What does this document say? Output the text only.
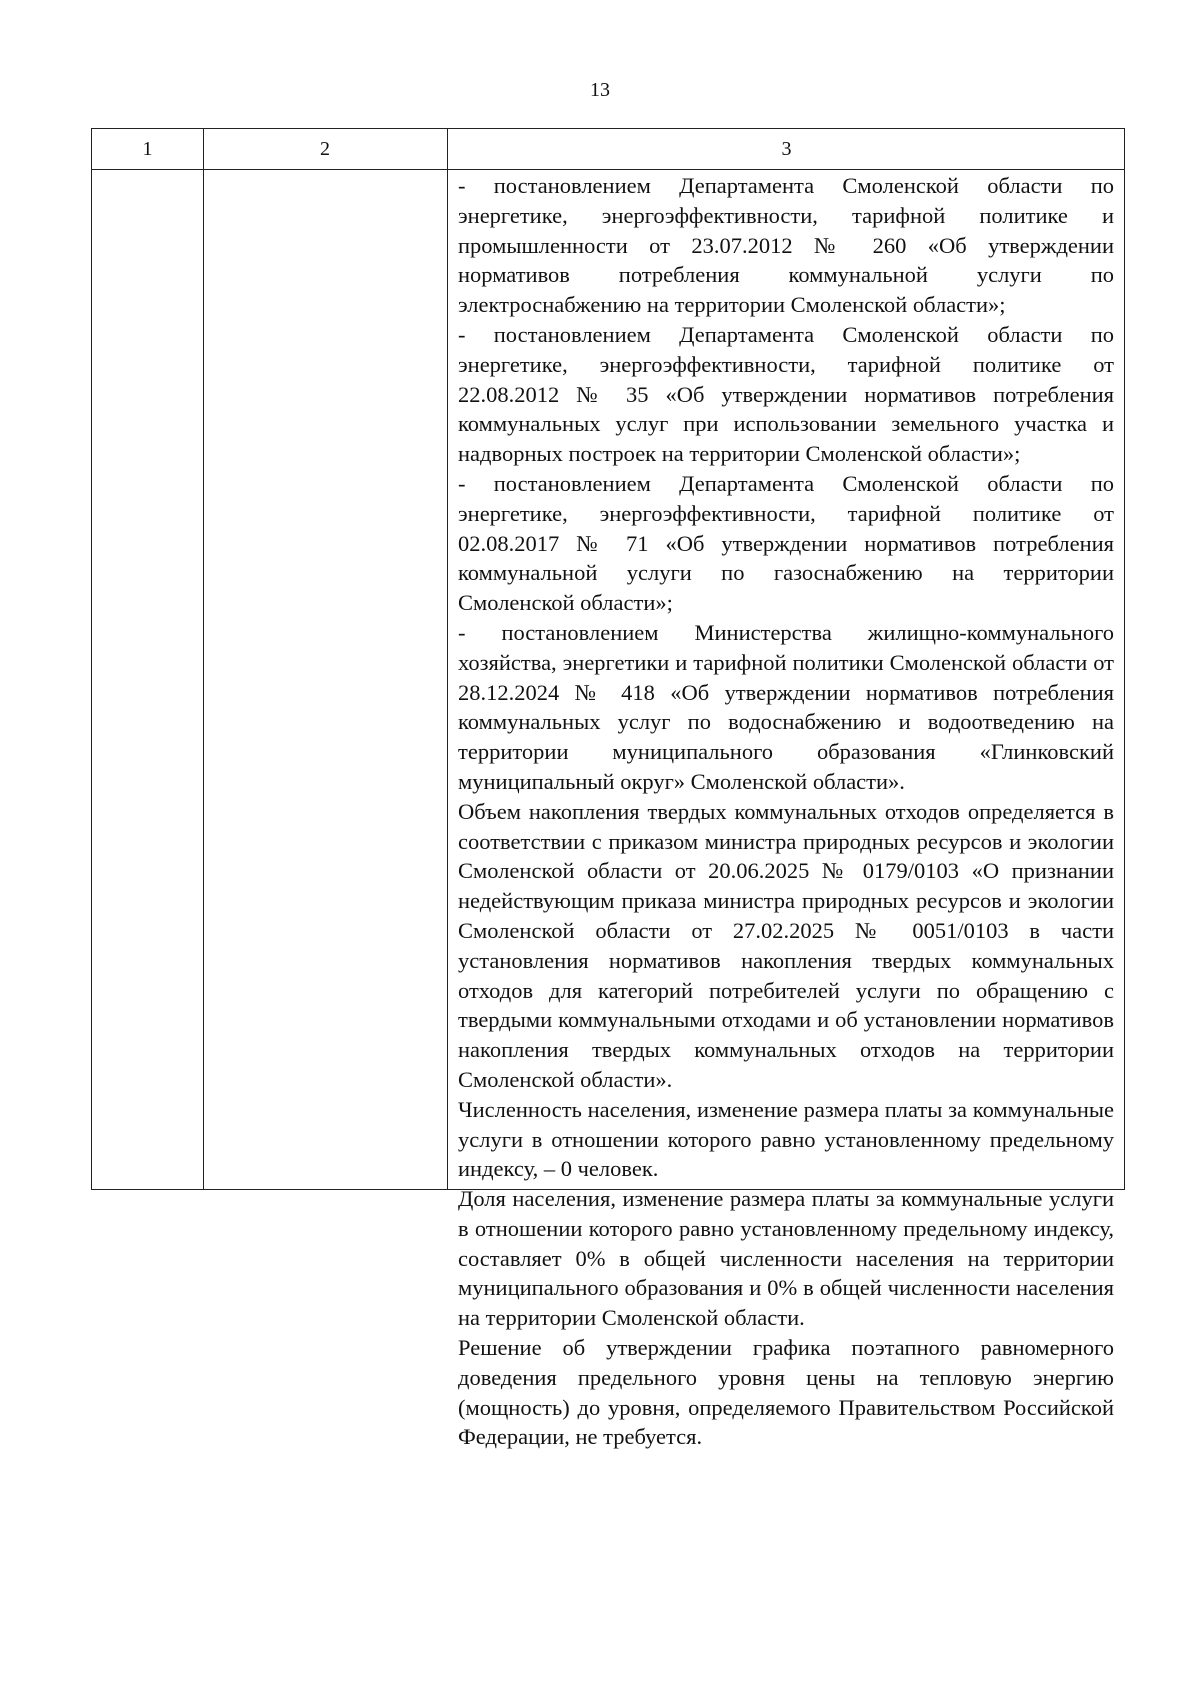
13
1	2	3

- постановлением Департамента Смоленской области по энергетике, энергоэффективности, тарифной политике и промышленности от 23.07.2012 № 260 «Об утверждении нормативов потребления коммунальной услуги по электроснабжению на территории Смоленской области»;

- постановлением Департамента Смоленской области по энергетике, энергоэффективности, тарифной политике от 22.08.2012 № 35 «Об утверждении нормативов потребления коммунальных услуг при использовании земельного участка и надворных построек на территории Смоленской области»;

- постановлением Департамента Смоленской области по энергетике, энергоэффективности, тарифной политике от 02.08.2017 № 71 «Об утверждении нормативов потребления коммунальной услуги по газоснабжению на территории Смоленской области»;

- постановлением Министерства жилищно-коммунального хозяйства, энергетики и тарифной политики Смоленской области от 28.12.2024 № 418 «Об утверждении нормативов потребления коммунальных услуг по водоснабжению и водоотведению на территории муниципального образования «Глинковский муниципальный округ» Смоленской области».

Объем накопления твердых коммунальных отходов определяется в соответствии с приказом министра природных ресурсов и экологии Смоленской области от 20.06.2025 № 0179/0103 «О признании недействующим приказа министра природных ресурсов и экологии Смоленской области от 27.02.2025 № 0051/0103 в части установления нормативов накопления твердых коммунальных отходов для категорий потребителей услуги по обращению с твердыми коммунальными отходами и об установлении нормативов накопления твердых коммунальных отходов на территории Смоленской области».

Численность населения, изменение размера платы за коммунальные услуги в отношении которого равно установленному предельному индексу, – 0 человек.

Доля населения, изменение размера платы за коммунальные услуги в отношении которого равно установленному предельному индексу, составляет 0% в общей численности населения на территории муниципального образования и 0% в общей численности населения на территории Смоленской области.

Решение об утверждении графика поэтапного равномерного доведения предельного уровня цены на тепловую энергию (мощность) до уровня, определяемого Правительством Российской Федерации, не требуется.
